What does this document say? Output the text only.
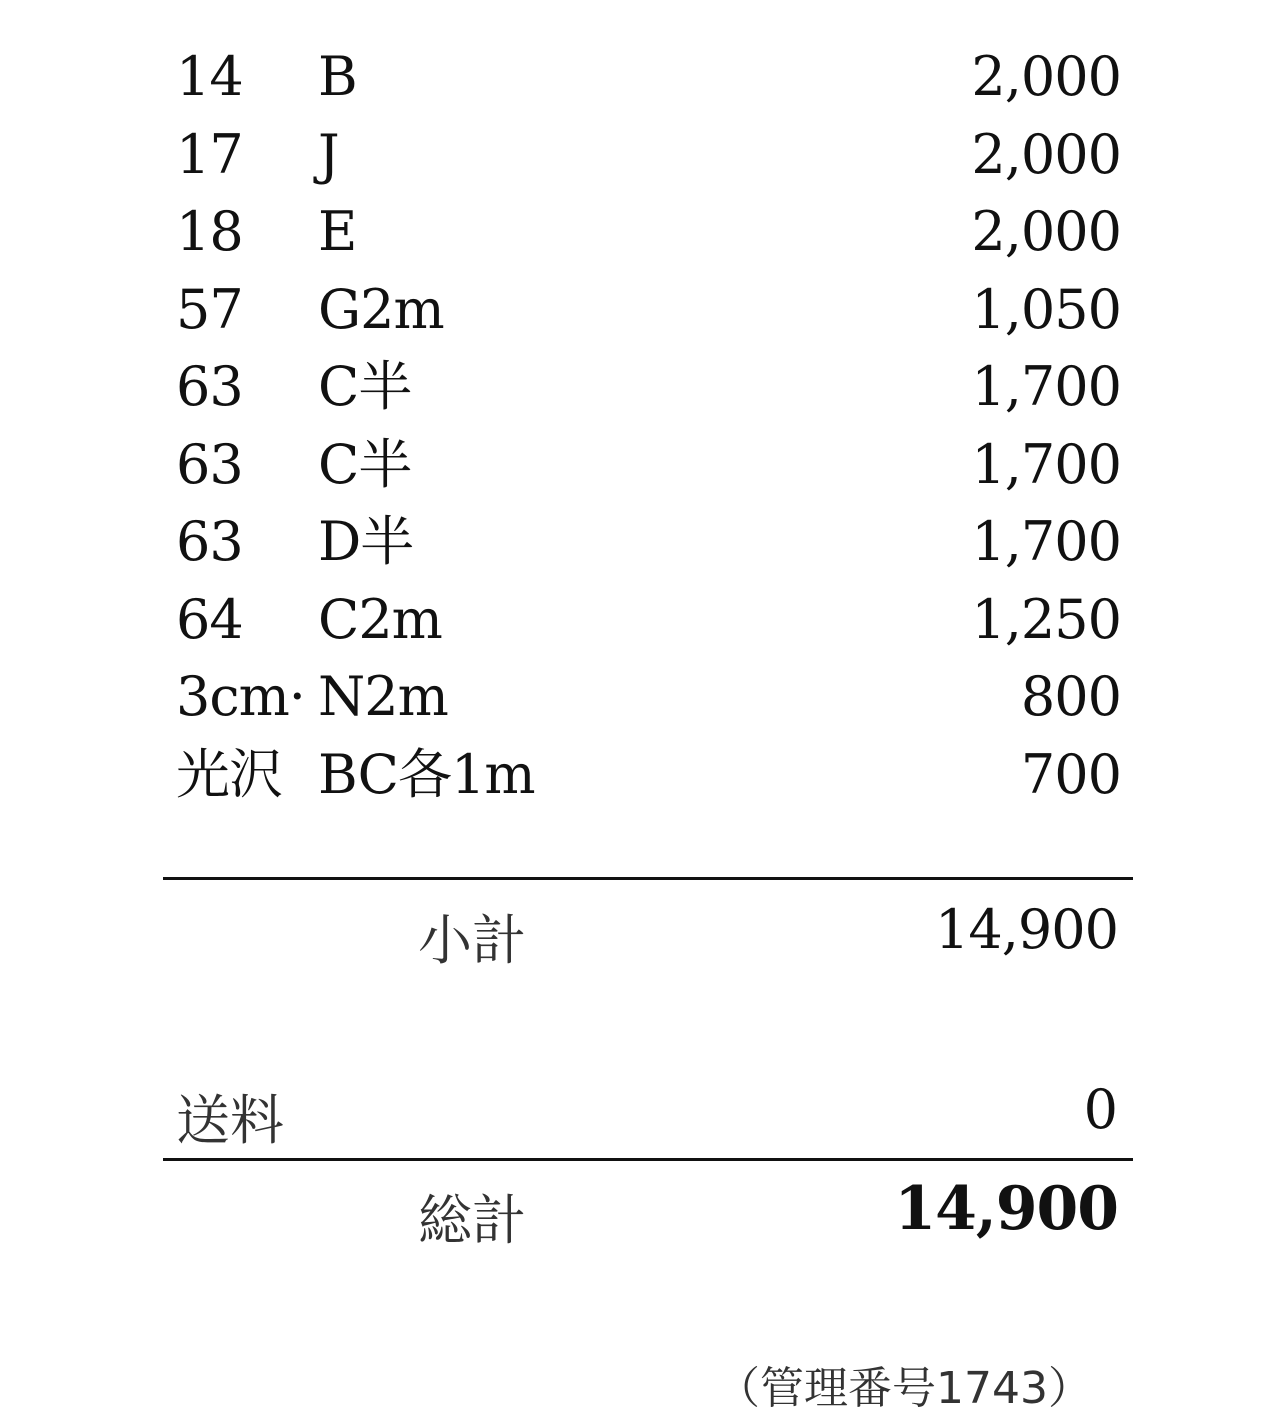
14 B	2,000
17 J	2,000
18 E	2,000
57 G2m	1,050
63 C半	1,700
63 C半	1,700
63 D半	1,700
64 C2m	1,250
3cm· N2m	800
光沢 BC各1m	700
小計	14,900
送料	0
総計	14,900
（管理番号1743）
